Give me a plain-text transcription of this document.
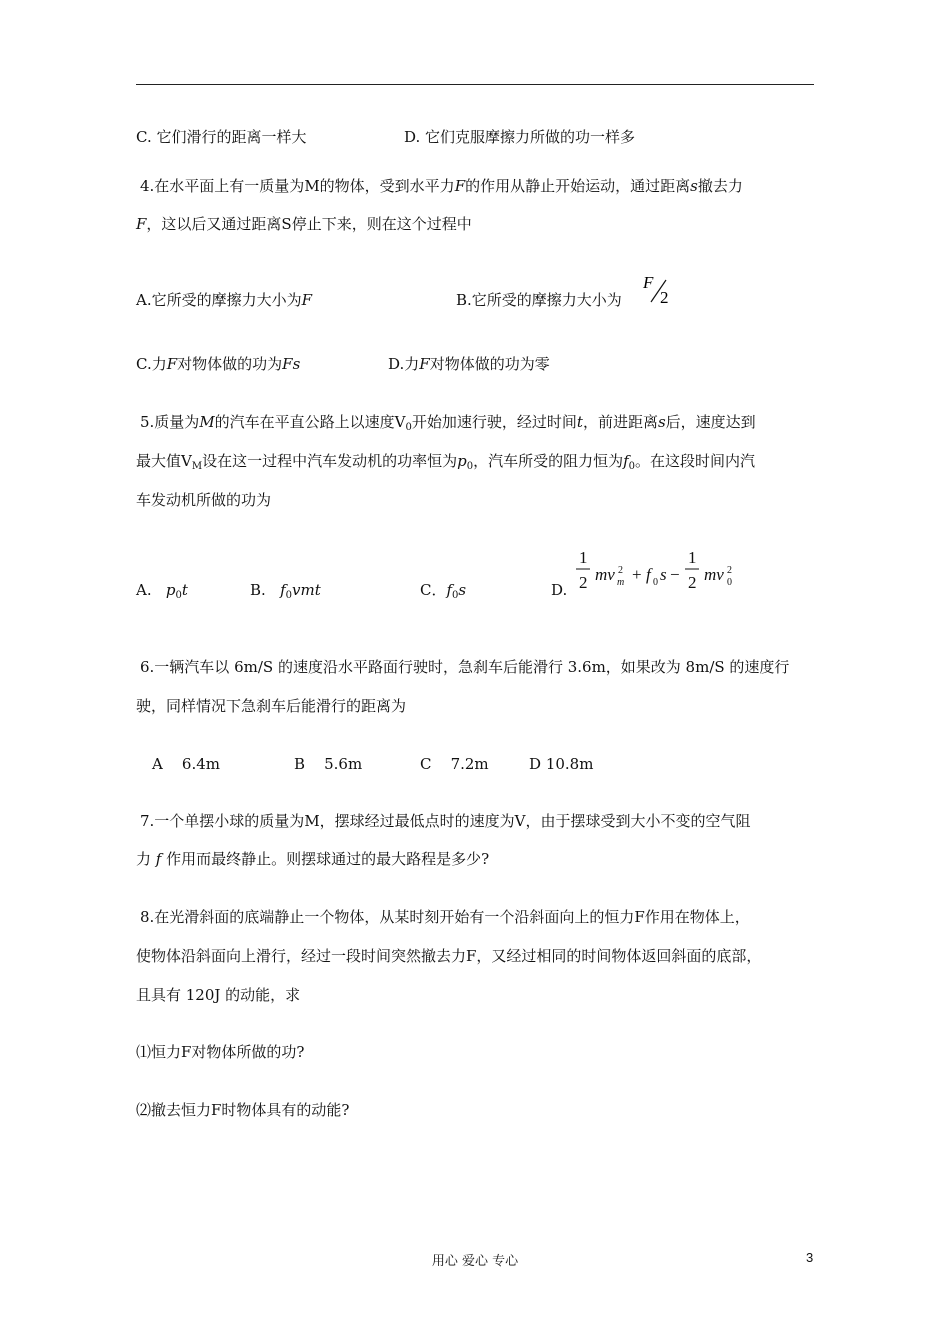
C. 它们滑行的距离一样大	D. 它们克服摩擦力所做的功一样多
4.在水平面上有一质量为M的物体，受到水平力F的作用从静止开始运动，通过距离s撤去力
F，这以后又通过距离S停止下来，则在这个过程中
A.它所受的摩擦力大小为F	B.它所受的摩擦力大小为
F
2
C.力F对物体做的功为Fs	D.力F对物体做的功为零
5.质量为M的汽车在平直公路上以速度$V_0$开始加速行驶，经过时间t，前进距离s后，速度达到
最大值$V_M$设在这一过程中汽车发动机的功率恒为$p_0$，汽车所受的阻力恒为$f_0$。在这段时间内汽
车发动机所做的功为
A. $p_0t$	B. $f_0vmt$	C．$f_0s$	D.
1
2 mv 2
m + f 0 s −
1
2 mv 2
0
6.一辆汽车以 6m/S 的速度沿水平路面行驶时，急刹车后能滑行 3.6m，如果改为 8m/S 的速度行
驶，同样情况下急刹车后能滑行的距离为
A 6.4m	B 5.6m	C 7.2m	D 10.8m
7.一个单摆小球的质量为M，摆球经过最低点时的速度为V，由于摆球受到大小不变的空气阻
力 f 作用而最终静止。则摆球通过的最大路程是多少?
8.在光滑斜面的底端静止一个物体，从某时刻开始有一个沿斜面向上的恒力F作用在物体上，
使物体沿斜面向上滑行，经过一段时间突然撤去力F，又经过相同的时间物体返回斜面的底部，
且具有 120J 的动能，求
⑴恒力F对物体所做的功?
⑵撤去恒力F时物体具有的动能?
用心 爱心 专心	3
